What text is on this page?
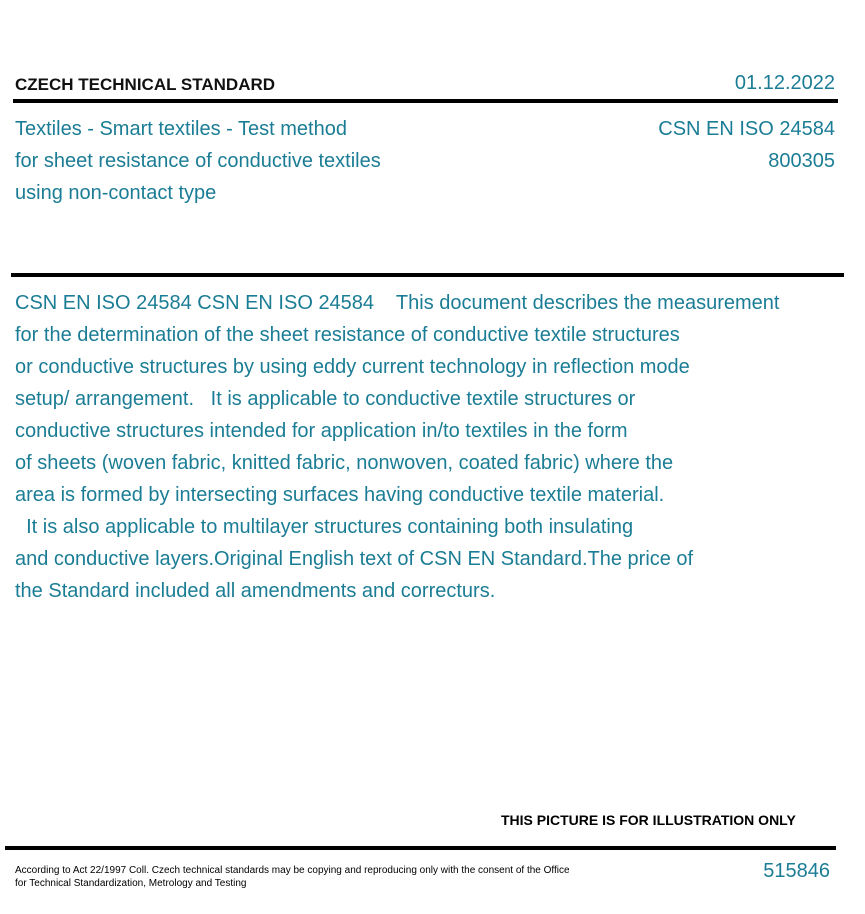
CZECH TECHNICAL STANDARD	01.12.2022
Textiles - Smart textiles - Test method
for sheet resistance of conductive textiles
using non-contact type
CSN EN ISO 24584
800305
CSN EN ISO 24584 CSN EN ISO 24584    This document describes the measurement
for the determination of the sheet resistance of conductive textile structures
or conductive structures by using eddy current technology in reflection mode
setup/ arrangement.   It is applicable to conductive textile structures or
conductive structures intended for application in/to textiles in the form
of sheets (woven fabric, knitted fabric, nonwoven, coated fabric) where the
area is formed by intersecting surfaces having conductive textile material.
It is also applicable to multilayer structures containing both insulating
and conductive layers.Original English text of CSN EN Standard.The price of
the Standard included all amendments and correcturs.
THIS PICTURE IS FOR ILLUSTRATION ONLY
According to Act 22/1997 Coll. Czech technical standards may be copying and reproducing only with the consent of the Office
for Technical Standardization, Metrology and Testing
515846
